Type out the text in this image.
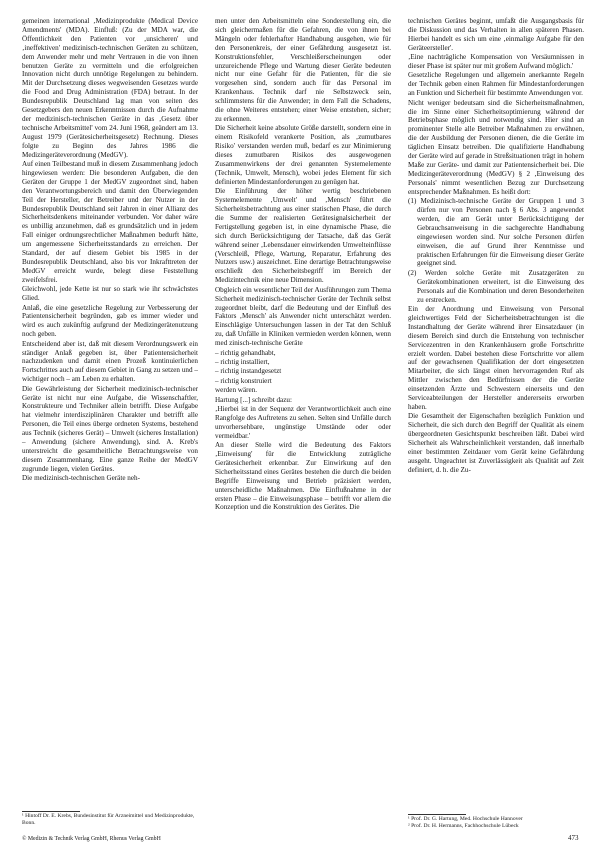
gemeinen international ‚Medizinprodukte (Medical Device Amendments' (MDA). Einfluß: (Zu der MDA war, die Öffentlichkeit den Patienten vor ‚unsicheren' und ‚ineffektiven' medizinisch-technischen Geräten zu schützen, dem Anwender mehr und mehr Vertrauen in die von ihnen benutzen Geräte zu vermitteln und die erfolgreichen Innovation nicht durch unnötige Regelungen zu behindern. Mit der Durchsetzung dieses wegweisenden Gesetzes wurde die Food and Drug Administration (FDA) betraut. In der Bundesrepublik Deutschland lag man von seiten des Gesetzgebers den neuen Erkenntnissen durch die Aufnahme der medizinisch-technischen Geräte in das ‚Gesetz über technische Arbeitsmittel' vom 24. Juni 1968, geändert am 13. August 1979 (Gerätesicherheitsgesetz) Rechnung. Dieses folgte zu Beginn des Jahres 1986 die Medizingeräteverordnung (MedGV).

Auf einen Teilbestand muß in diesem Zusammenhang jedoch hingewiesen werden: Die besonderen Aufgaben, die den Geräten der Gruppe 1 der MedGV zugeordnet sind, haben den Verantwortungsbereich und damit den Überwiegenden Teil der Hersteller, der Betreiber und der Nutzer in der Bundesrepublik Deutschland seit Jahren in einer Allianz des Sicherheitsdenkens miteinander verbunden. Vor daher wäre es unbillig anzunehmen, daß es grundsätzlich und in jedem Fall einiger ordnungsrechtlicher Maßnahmen bedurft hätte, um angemessene Sicherheitsstandards zu erreichen. Der Standard, der auf diesem Gebiet bis 1985 in der Bundesrepublik Deutschland, also bis vor Inkrafttreten der MedGV erreicht wurde, belegt diese Feststellung zweifelsfrei.

Gleichwohl, jede Kette ist nur so stark wie ihr schwächstes Glied.

Anlaß, die eine gesetzliche Regelung zur Verbesserung der Patientensicherheit begründen, gab es immer wieder und wird es auch zukünftig aufgrund der Medizingerätenutzung noch geben.

Entscheidend aber ist, daß mit diesem Verordnungswerk ein ständiger Anlaß gegeben ist, über Patientensicherheit nachzudenken und damit einen Prozeß kontinuierlichen Fortschrittes auch auf diesem Gebiet in Gang zu setzen und – wichtiger noch – am Leben zu erhalten.

Die Gewährleistung der Sicherheit medizinisch-technischer Geräte ist nicht nur eine Aufgabe, die Wissenschaftler, Konstrukteure und Techniker allein betrifft. Diese Aufgabe hat vielmehr interdisziplinären Charakter und betrifft alle Personen, die Teil eines überge ordneten Systems, bestehend aus Technik (sicheres Gerät) – Umwelt (sicheres Installation) – Anwendung (sichere Anwendung), sind. A. Kreb's unterstreicht die gesamtheitliche Betrachtungsweise von diesem Zusammenhang. Eine ganze Reihe der MedGV zugrunde liegen, vielen Gerätes.

Die medizinisch-technischen Geräte neh-

men unter den Arbeitsmitteln eine Sonderstellung ein, die sich gleichermaßen für die Gefahren, die von ihnen bei Mängeln oder fehlerhafter Handhabung ausgehen, wie für den Personenkreis, der einer Gefährdung ausgesetzt ist. Konstruktionsfehler, Verschleißerscheinungen oder unzureichende Pflege und Wartung dieser Geräte bedeuten nicht nur eine Gefahr für die Patienten, für die sie vorgesehen sind, sondern auch für das Personal im Krankenhaus. Technik darf nie Selbstzweck sein, schlimmstens für die Anwender; in dem Fall die Schadens, die ohne Weiteres entstehen; einer Weise entstehen, sicher; zu erkennen.

Die Sicherheit keine absolute Größe darstellt, sondern eine in einem Risikofeld verankerte Position, als ‚zumutbares Risiko' verstanden werden muß, bedarf es zur Minimierung dieses zumutbaren Risikos des ausgewogenen Zusammenwirkens der drei genannten Systemelemente (Technik, Umwelt, Mensch), wobei jedes Element für sich definierten Mindestanforderungen zu genügen hat.

Die Einführung der höher wertig beschriebenen Systemelemente ‚Umwelt' und ‚Mensch' führt die Sicherheitsbetrachtung aus einer statischen Phase, die durch die Summe der realisierten Gerätesignalsicherheit der Fertigstellung gegeben ist, in eine dynamische Phase, die sich durch Berücksichtigung der Tatsache, daß das Gerät während seiner ‚Lebensdauer einwirkenden Umwelteinflüsse (Verschleiß, Pflege, Wartung, Reparatur, Erfahrung des Nutzers usw.) auszeichnet. Eine derartige Betrachtungsweise erschließt den Sicherheitsbegriff im Bereich der Medizintechnik eine neue Dimension.

Obgleich ein wesentlicher Teil der Ausführungen zum Thema Sicherheit medizinisch-technischer Geräte der Technik selbst zugeordnet bleibt, darf die Bedeutung und der Einfluß des Faktors ‚Mensch' als Anwender nicht unterschätzt werden. Einschlägige Untersuchungen lassen in der Tat den Schluß zu, daß Unfälle in Kliniken vermieden werden können, wenn med zinisch-technische Geräte

– richtig gehandhabt,

– richtig installiert,

– richtig instandgesetzt

– richtig konstruiert

werden wären.

Hartung [...] schreibt dazu:

‚Hierbei ist in der Sequenz der Verantwortlichkeit auch eine Rangfolge des Auftretens zu sehen. Selten sind Unfälle durch unvorhersehbare, ungünstige Umstände oder oder vermeidbar.'

An dieser Stelle wird die Bedeutung des Faktors ‚Einweisung' für die Entwicklung zuträgliche Gerätesicherheit erkennbar. Zur Einwirkung auf den Sicherheitsstand eines Gerätes bestehen die durch die beiden Begriffe Einweisung und Betrieb präzisiert werden, unterscheidliche Maßnahmen. Die Einflußnahme in der ersten Phase – die Einweisungsphase – betrifft vor allem die Konzeption und die Konstruktion des Gerätes. Die

technischen Gerätes beginnt, umfaßt die Ausgangsbasis für die Diskussion und das Verhalten in allen späteren Phasen. Hierbei handelt es sich um eine ‚einmalige Aufgabe für den Geräteersteller'.

‚Eine nachträgliche Kompensation von Versäumnissen in dieser Phase ist später nur mit großem Aufwand möglich.'

Gesetzliche Regelungen und allgemein anerkannte Regeln der Technik geben einen Rahmen für Mindestanforderungen an Funktion und Sicherheit für bestimmte Anwendungen vor.

Nicht weniger bedeutsam sind die Sicherheitsmaßnahmen, die im Sinne einer Sicherheitsoptimierung während der Betriebsphase möglich und notwendig sind. Hier sind an prominenter Stelle alle Betreiber Maßnahmen zu erwähnen, die der Ausbildung der Personen dienen, die die Geräte im täglichen Einsatz betreiben. Die qualifizierte Handhabung der Geräte wird auf gerade in Streßsituationen trägt in hohem Maße zur Geräte- und damit zur Patientensicherheit bei. Die Medizingeräteverordnung (MedGV) § 2 ‚Einweisung des Personals' nimmt wesentlichen Bezug zur Durchsetzung entsprechender Maßnahmen. Es heißt dort:

(1) Medizinisch-technische Geräte der Gruppen 1 und 3 dürfen nur von Personen nach § 6 Abs. 3 angewendet werden, die am Gerät unter Berücksichtigung der Gebrauchsanweisung in die sachgerechte Handhabung eingewiesen worden sind. Nur solche Personen dürfen einweisen, die auf Grund ihrer Kenntnisse und praktischen Erfahrungen für die Einweisung dieser Geräte geeignet sind.

(2) Werden solche Geräte mit Zusatzgeräten zu Gerätekombinationen erweitert, ist die Einweisung des Personals auf die Kombination und deren Besonderheiten zu erstrecken.

Ein der Anordnung und Einweisung von Personal gleichwertiges Feld der Sicherheitsbetrachtungen ist die Instandhaltung der Geräte während ihrer Einsatzdauer (in diesem Bereich sind durch die Entstehung von technischer Servicezentren in den Krankenhäusern große Fortschritte erzielt worden. Dabei bestehen diese Fortschritte vor allem auf der gewachsenen Qualifikation der dort eingesetzten Mitarbeiter, die sich längst einen hervorragenden Ruf als Mittler zwischen den Bedürfnissen der die Geräte einsetzenden Ärzte und Schwestern einerseits und den Serviceabteilungen der Hersteller andererseits erworben haben.

Die Gesamtheit der Eigenschaften bezüglich Funktion und Sicherheit, die sich durch den Begriff der Qualität als einem übergeordneten Gesichtspunkt beschreiben läßt. Dabei wird Sicherheit als Wahrscheinlichkeit verstanden, daß innerhalb einer bestimmten Zeitdauer vom Gerät keine Gefährdung ausgeht. Ungeachtet ist Zuverlässigkeit als Qualität auf Zeit definiert, d. h. die Zu-

¹ Hintoff Dr. E. Krebs, Bundesinstitut für Arzneimittel und Medizinprodukte, Bonn.
¹ Prof. Dr. G. Hartung, Med. Hochschule Hannover
² Prof. Dr. H. Hermanns, Fachhochschule Lübeck
© Medizin & Technik Verlag GmbH, Rhenus Verlag GmbH	473
